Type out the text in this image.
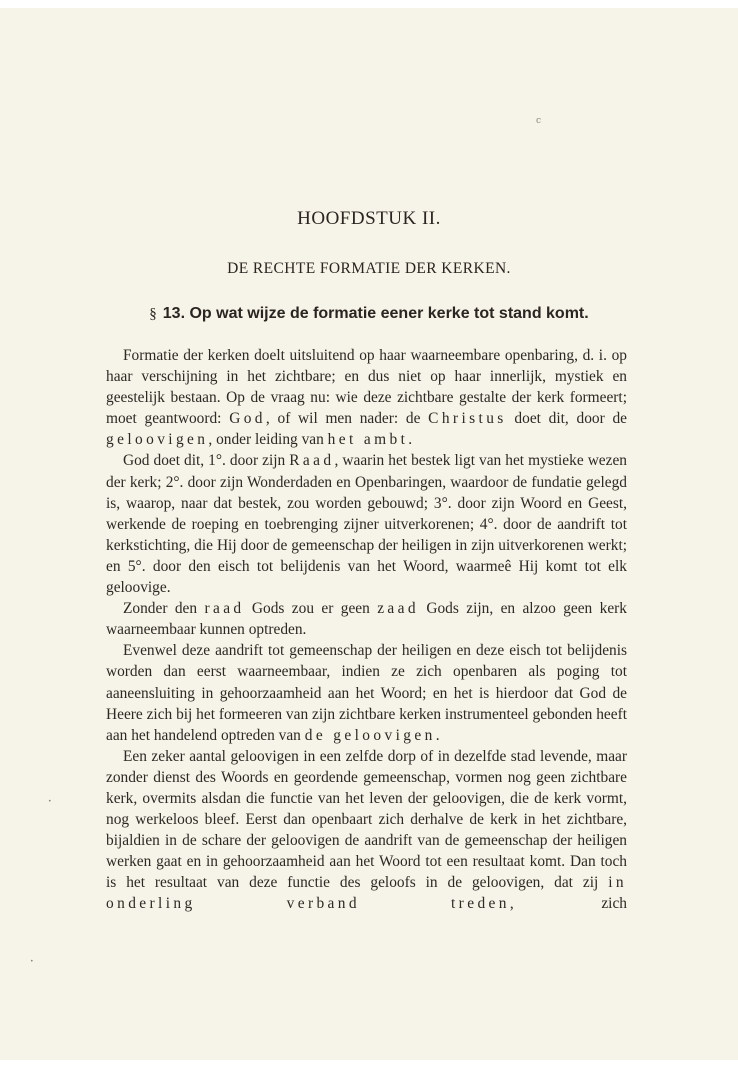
ⅽ
HOOFDSTUK II.
DE RECHTE FORMATIE DER KERKEN.
§ 13. Op wat wijze de formatie eener kerke tot stand komt.

Formatie der kerken doelt uitsluitend op haar waarneembare openbaring, d. i. op haar verschijning in het zichtbare; en dus niet op haar innerlijk, mystiek en geestelijk bestaan. Op de vraag nu: wie deze zichtbare gestalte der kerk formeert; moet geantwoord: God, of wil men nader: de Christus doet dit, door de geloovigen, onder leiding van het ambt.

God doet dit, 1°. door zijn Raad, waarin het bestek ligt van het mystieke wezen der kerk; 2°. door zijn Wonderdaden en Openbaringen, waardoor de fundatie gelegd is, waarop, naar dat bestek, zou worden gebouwd; 3°. door zijn Woord en Geest, werkende de roeping en toebrenging zijner uitverkorenen; 4°. door de aandrift tot kerkstichting, die Hij door de gemeenschap der heiligen in zijn uitverkorenen werkt; en 5°. door den eisch tot belijdenis van het Woord, waarmeê Hij komt tot elk geloovige.

Zonder den raad Gods zou er geen zaad Gods zijn, en alzoo geen kerk waarneembaar kunnen optreden.

Evenwel deze aandrift tot gemeenschap der heiligen en deze eisch tot belijdenis worden dan eerst waarneembaar, indien ze zich openbaren als poging tot aaneensluiting in gehoorzaamheid aan het Woord; en het is hierdoor dat God de Heere zich bij het formeeren van zijn zichtbare kerken instrumenteel gebonden heeft aan het handelend optreden van de geloovigen.

Een zeker aantal geloovigen in een zelfde dorp of in dezelfde stad levende, maar zonder dienst des Woords en geordende gemeenschap, vormen nog geen zichtbare kerk, overmits alsdan die functie van het leven der geloovigen, die de kerk vormt, nog werkeloos bleef. Eerst dan openbaart zich derhalve de kerk in het zichtbare, bijaldien in de schare der geloovigen de aandrift van de gemeenschap der heiligen werken gaat en in gehoorzaamheid aan het Woord tot een resultaat komt. Dan toch is het resultaat van deze functie des geloofs in de geloovigen, dat zij in onderling verband treden, zich

•
•
